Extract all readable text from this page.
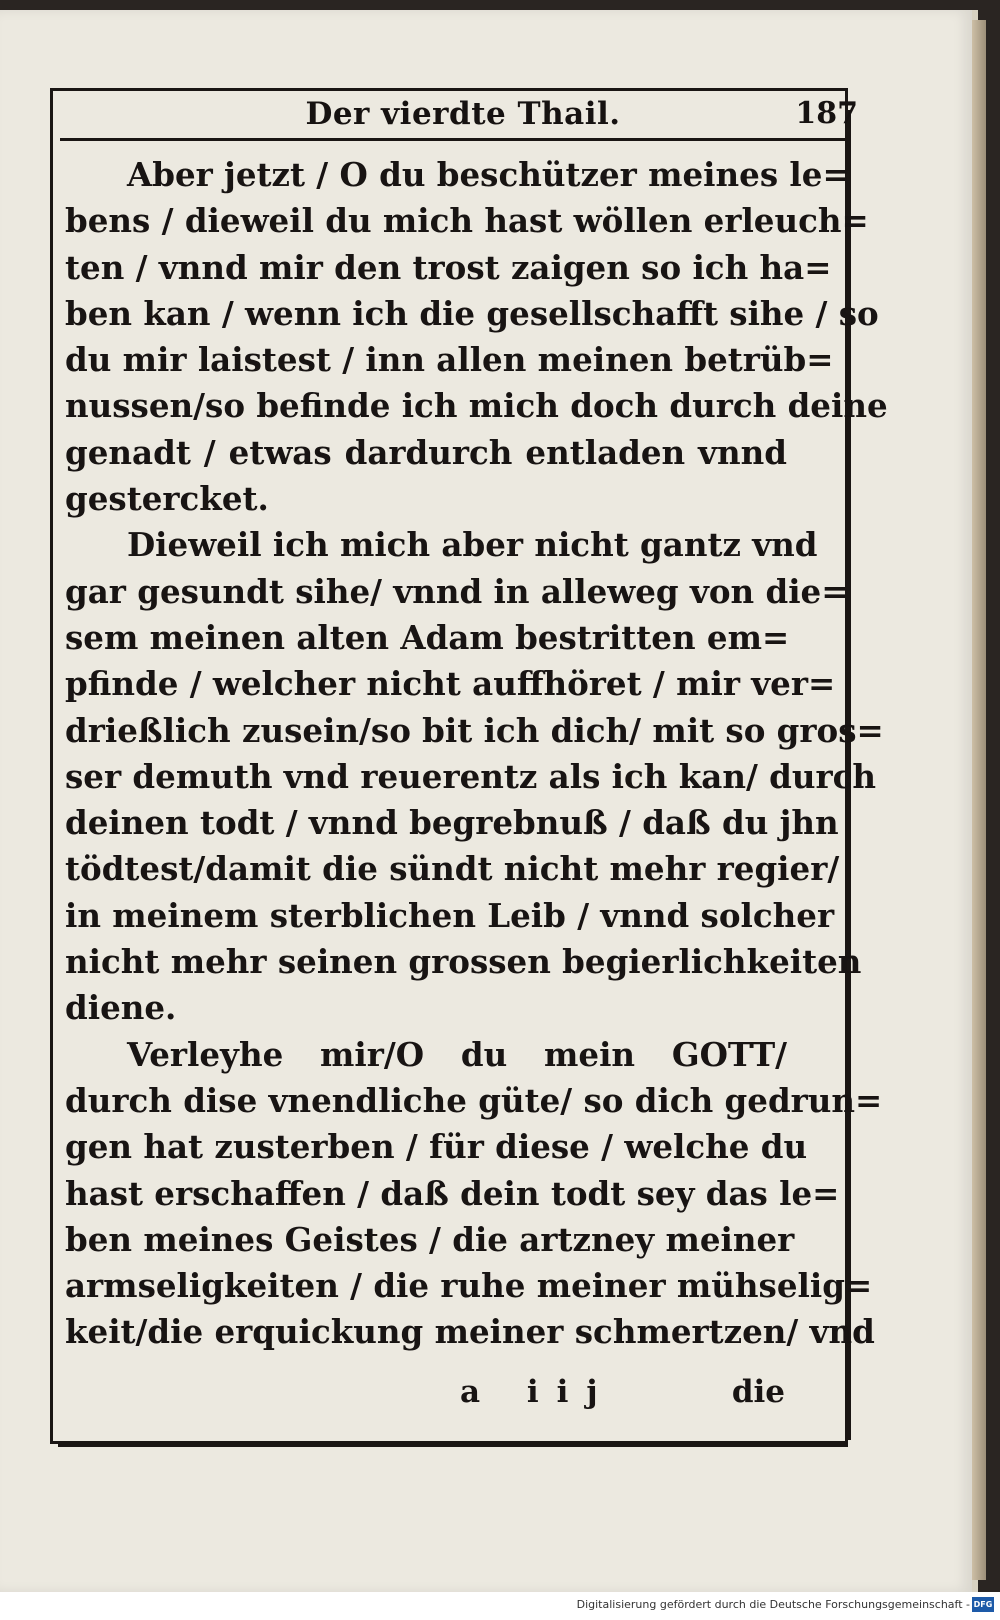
Der vierdte Thail.	187
Aber jetzt / O du beschützer meines le=
bens / dieweil du mich hast wöllen erleuch=
ten / vnnd mir den trost zaigen so ich ha=
ben kan / wenn ich die gesellschafft sihe / so
du mir laistest / inn allen meinen betrüb=
nussen/so befinde ich mich doch durch deine
genadt / etwas dardurch entladen vnnd
gestercket.
Dieweil ich mich aber nicht gantz vnd
gar gesundt sihe/ vnnd in alleweg von die=
sem meinen alten Adam bestritten em=
pfinde / welcher nicht auffhöret / mir ver=
drießlich zusein/so bit ich dich/ mit so gros=
ser demuth vnd reuerentz als ich kan/ durch
deinen todt / vnnd begrebnuß / daß du jhn
tödtest/damit die sündt nicht mehr regier/
in meinem sterblichen Leib / vnnd solcher
nicht mehr seinen grossen begierlichkeiten
diene.
Verleyhe mir/O du mein GOTT/
durch dise vnendliche güte/ so dich gedrun=
gen hat zusterben / für diese / welche du
hast erschaffen / daß dein todt sey das le=
ben meines Geistes / die artzney meiner
armseligkeiten / die ruhe meiner mühselig=
keit/die erquickung meiner schmertzen/ vnd
a iij	die
Digitalisierung gefördert durch die Deutsche Forschungsgemeinschaft - DFG
